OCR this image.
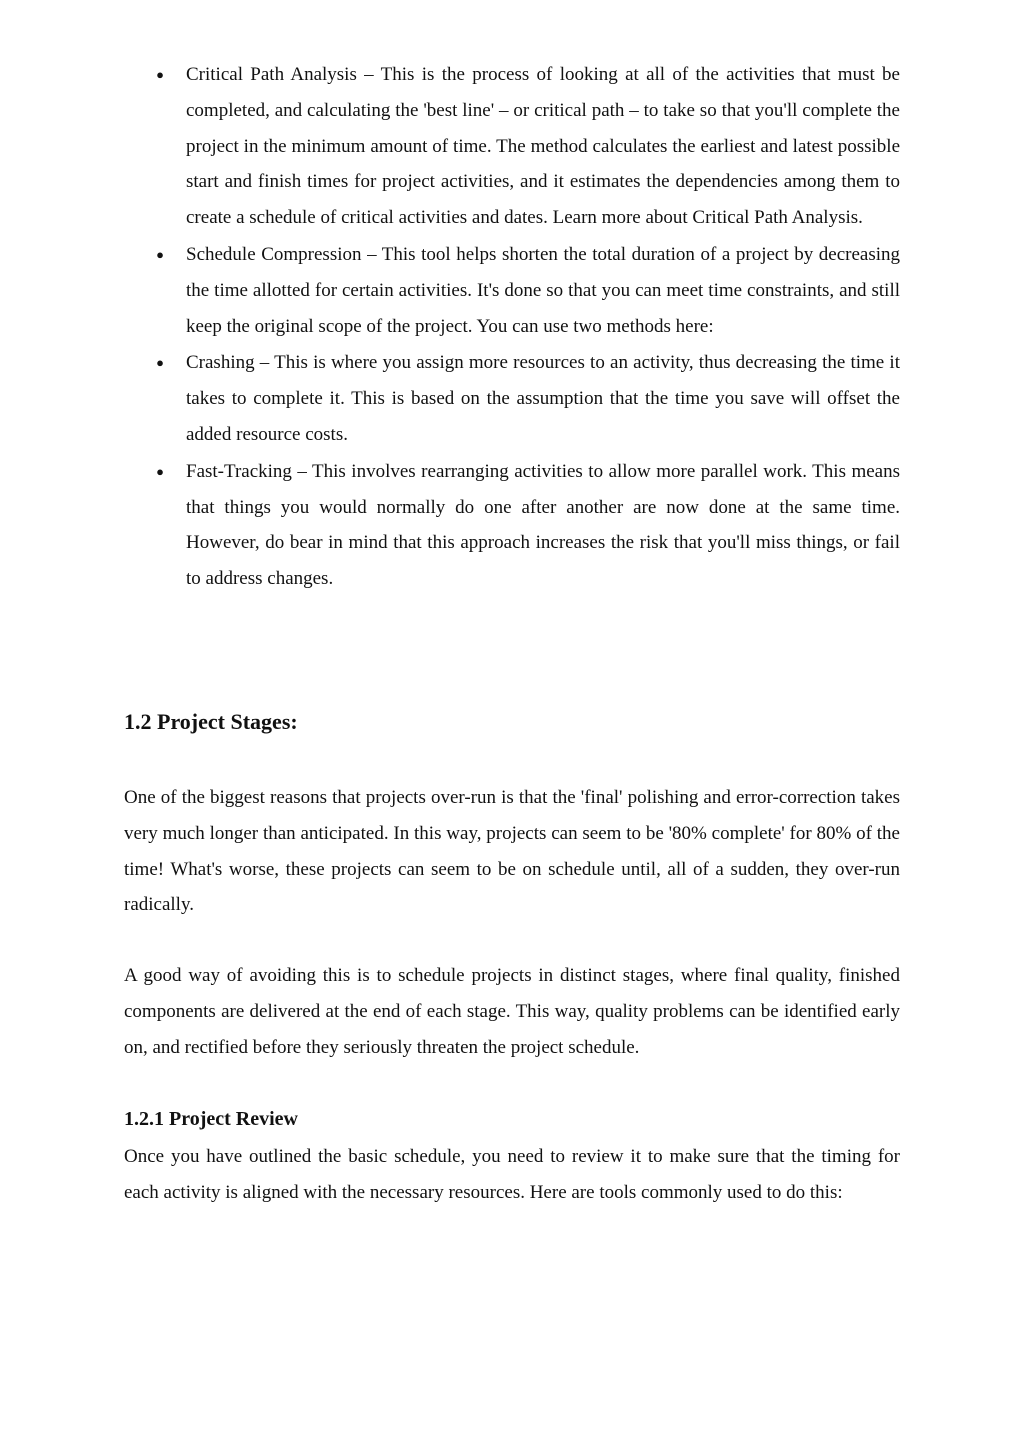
● Critical Path Analysis – This is the process of looking at all of the activities that must be completed, and calculating the 'best line' – or critical path – to take so that you'll complete the project in the minimum amount of time. The method calculates the earliest and latest possible start and finish times for project activities, and it estimates the dependencies among them to create a schedule of critical activities and dates. Learn more about Critical Path Analysis.
● Schedule Compression – This tool helps shorten the total duration of a project by decreasing the time allotted for certain activities. It's done so that you can meet time constraints, and still keep the original scope of the project. You can use two methods here:
● Crashing – This is where you assign more resources to an activity, thus decreasing the time it takes to complete it. This is based on the assumption that the time you save will offset the added resource costs.
● Fast-Tracking – This involves rearranging activities to allow more parallel work. This means that things you would normally do one after another are now done at the same time. However, do bear in mind that this approach increases the risk that you'll miss things, or fail to address changes.
1.2 Project Stages:

One of the biggest reasons that projects over-run is that the 'final' polishing and error-correction takes very much longer than anticipated. In this way, projects can seem to be '80% complete' for 80% of the time! What's worse, these projects can seem to be on schedule until, all of a sudden, they over-run radically.

A good way of avoiding this is to schedule projects in distinct stages, where final quality, finished components are delivered at the end of each stage. This way, quality problems can be identified early on, and rectified before they seriously threaten the project schedule.

1.2.1 Project Review

Once you have outlined the basic schedule, you need to review it to make sure that the timing for each activity is aligned with the necessary resources. Here are tools commonly used to do this:
